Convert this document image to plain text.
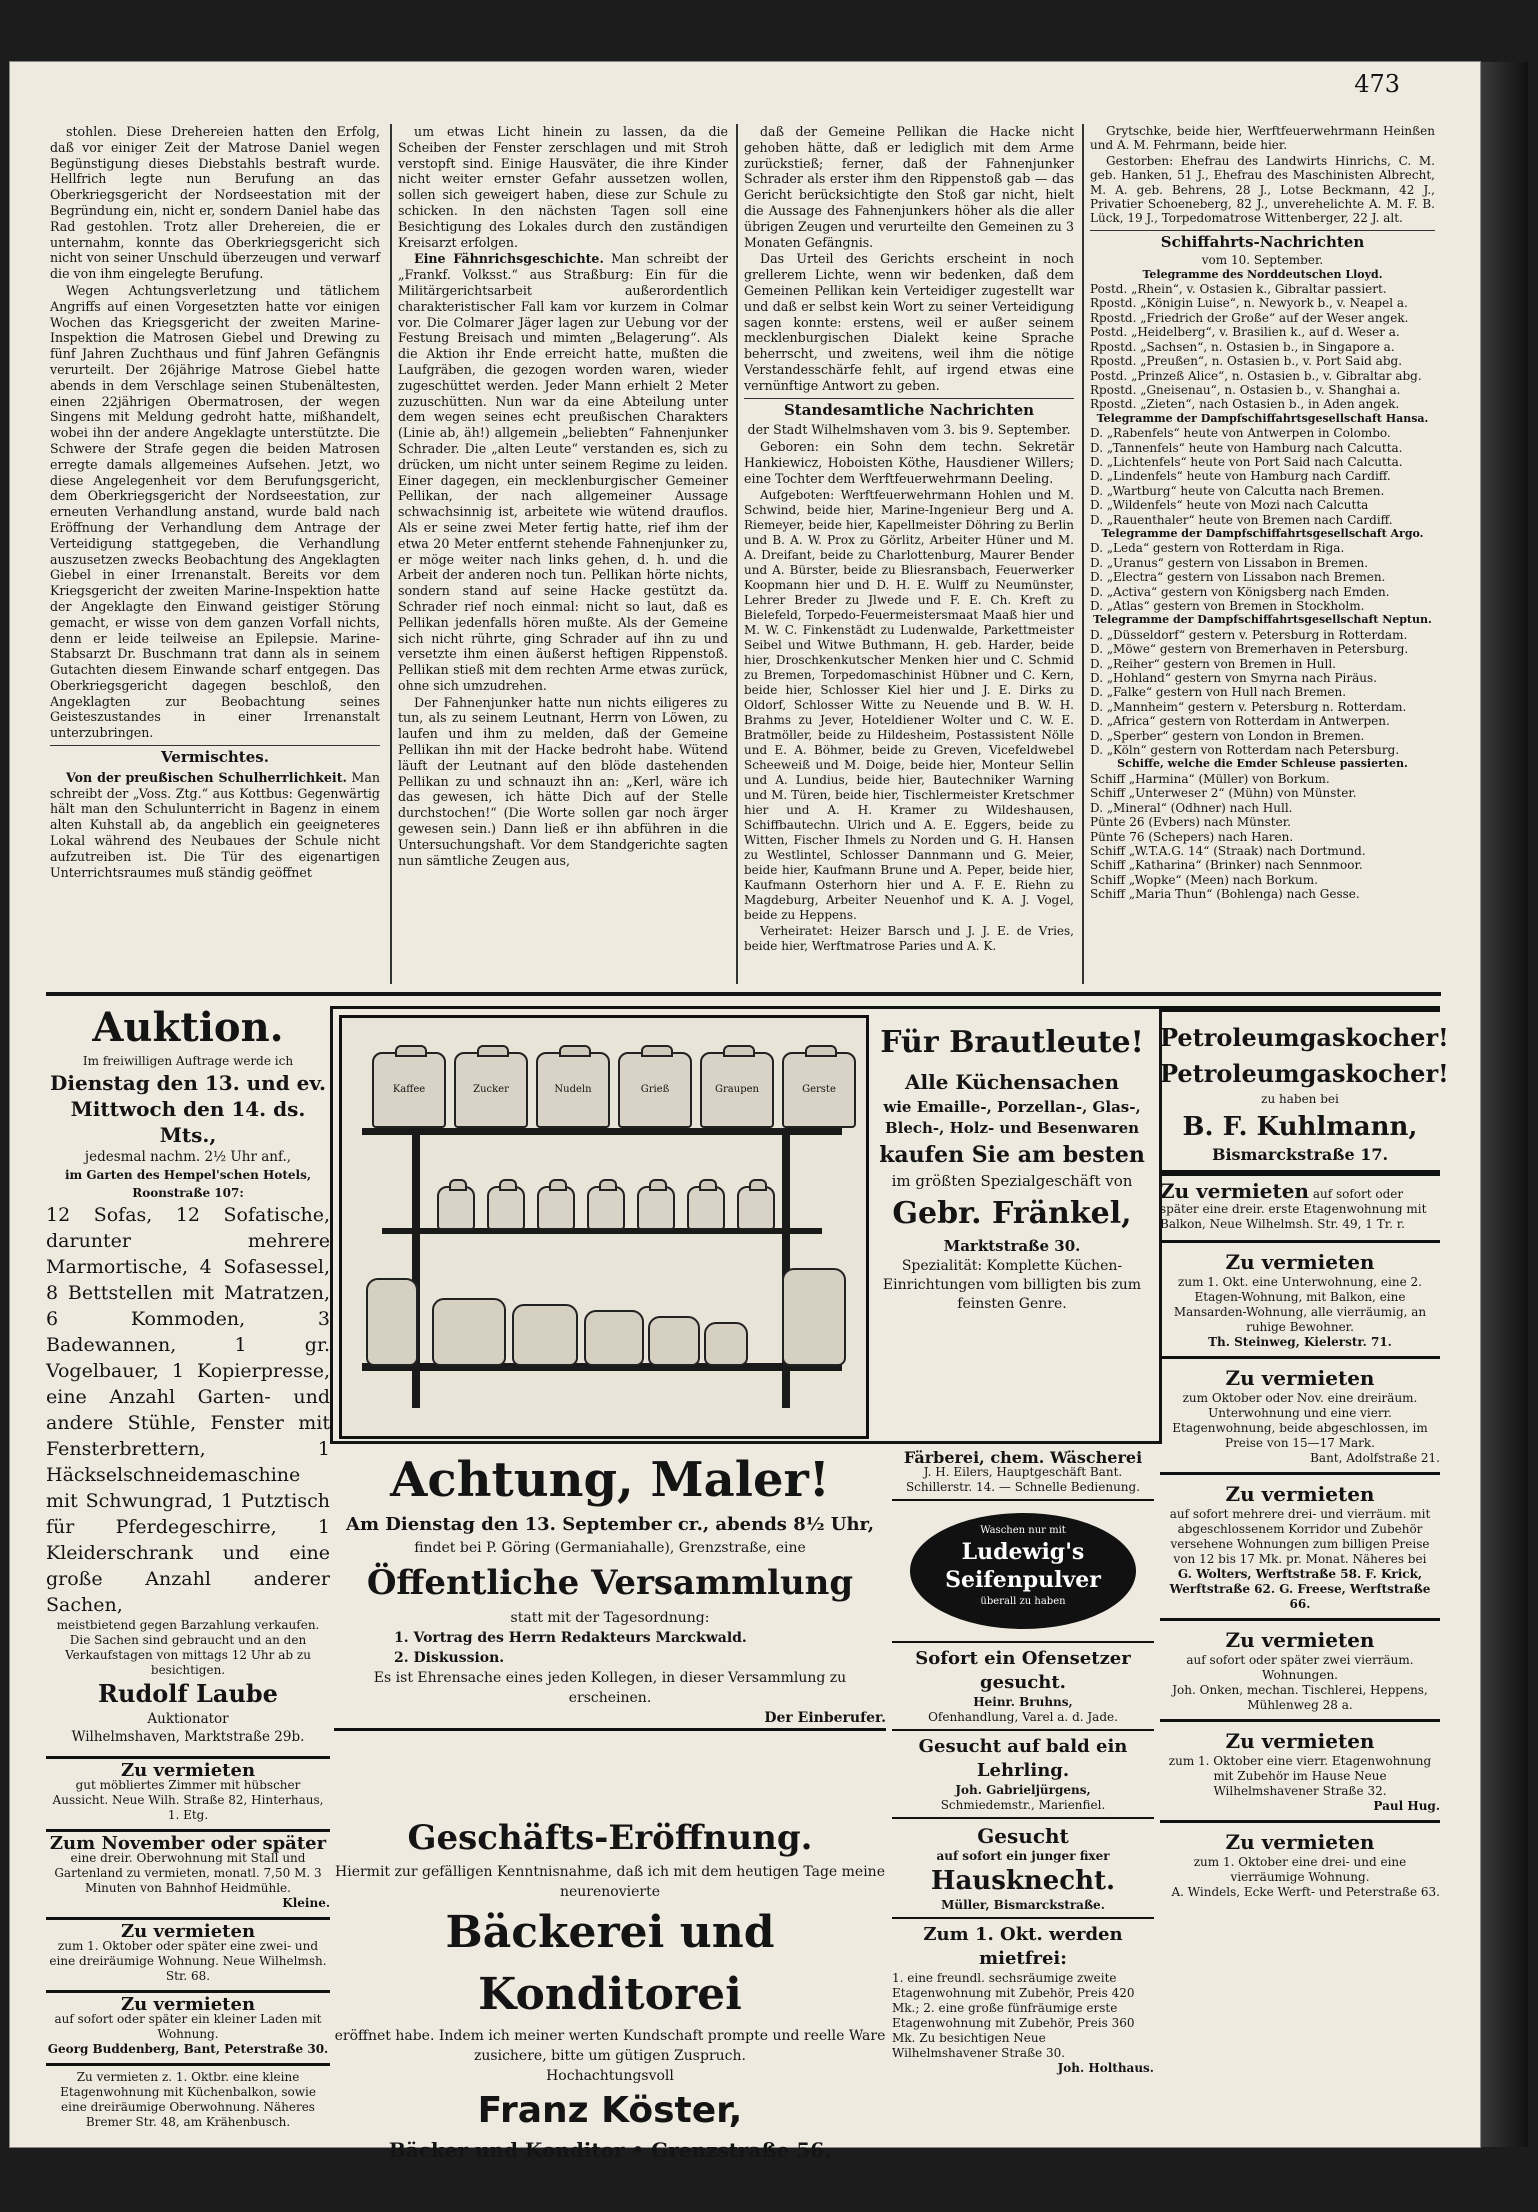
473

stohlen. Diese Drehereien hatten den Erfolg, daß vor einiger Zeit der Matrose Daniel wegen Begünstigung dieses Diebstahls bestraft wurde. Hellfrich legte nun Berufung an das Oberkriegsgericht der Nordseestation mit der Begründung ein, nicht er, sondern Daniel habe das Rad gestohlen. Trotz aller Drehereien, die er unternahm, konnte das Oberkriegsgericht sich nicht von seiner Unschuld überzeugen und verwarf die von ihm eingelegte Berufung.

Wegen Achtungsverletzung und tätlichem Angriffs auf einen Vorgesetzten hatte vor einigen Wochen das Kriegsgericht der zweiten Marine-Inspektion die Matrosen Giebel und Drewing zu fünf Jahren Zuchthaus und fünf Jahren Gefängnis verurteilt. Der 26jährige Matrose Giebel hatte abends in dem Verschlage seinen Stubenältesten, einen 22jährigen Obermatrosen, der wegen Singens mit Meldung gedroht hatte, mißhandelt, wobei ihn der andere Angeklagte unterstützte. Die Schwere der Strafe gegen die beiden Matrosen erregte damals allgemeines Aufsehen. Jetzt, wo diese Angelegenheit vor dem Berufungsgericht, dem Oberkriegsgericht der Nordseestation, zur erneuten Verhandlung anstand, wurde bald nach Eröffnung der Verhandlung dem Antrage der Verteidigung stattgegeben, die Verhandlung auszusetzen zwecks Beobachtung des Angeklagten Giebel in einer Irrenanstalt. Bereits vor dem Kriegsgericht der zweiten Marine-Inspektion hatte der Angeklagte den Einwand geistiger Störung gemacht, er wisse von dem ganzen Vorfall nichts, denn er leide teilweise an Epilepsie. Marine-Stabsarzt Dr. Buschmann trat dann als in seinem Gutachten diesem Einwande scharf entgegen. Das Oberkriegsgericht dagegen beschloß, den Angeklagten zur Beobachtung seines Geisteszustandes in einer Irrenanstalt unterzubringen.

Vermischtes.

Von der preußischen Schulherrlichkeit. Man schreibt der „Voss. Ztg.“ aus Kottbus: Gegenwärtig hält man den Schulunterricht in Bagenz in einem alten Kuhstall ab, da angeblich ein geeigneteres Lokal während des Neubaues der Schule nicht aufzutreiben ist. Die Tür des eigenartigen Unterrichtsraumes muß ständig geöffnet

um etwas Licht hinein zu lassen, da die Scheiben der Fenster zerschlagen und mit Stroh verstopft sind. Einige Hausväter, die ihre Kinder nicht weiter ernster Gefahr aussetzen wollen, sollen sich geweigert haben, diese zur Schule zu schicken. In den nächsten Tagen soll eine Besichtigung des Lokales durch den zuständigen Kreisarzt erfolgen.

Eine Fähnrichsgeschichte. Man schreibt der „Frankf. Volksst.“ aus Straßburg: Ein für die Militärgerichtsarbeit außerordentlich charakteristischer Fall kam vor kurzem in Colmar vor. Die Colmarer Jäger lagen zur Uebung vor der Festung Breisach und mimten „Belagerung“. Als die Aktion ihr Ende erreicht hatte, mußten die Laufgräben, die gezogen worden waren, wieder zugeschüttet werden. Jeder Mann erhielt 2 Meter zuzuschütten. Nun war da eine Abteilung unter dem wegen seines echt preußischen Charakters (Linie ab, äh!) allgemein „beliebten“ Fahnenjunker Schrader. Die „alten Leute“ verstanden es, sich zu drücken, um nicht unter seinem Regime zu leiden. Einer dagegen, ein mecklenburgischer Gemeiner Pellikan, der nach allgemeiner Aussage schwachsinnig ist, arbeitete wie wütend drauflos. Als er seine zwei Meter fertig hatte, rief ihm der etwa 20 Meter entfernt stehende Fahnenjunker zu, er möge weiter nach links gehen, d. h. und die Arbeit der anderen noch tun. Pellikan hörte nichts, sondern stand auf seine Hacke gestützt da. Schrader rief noch einmal: nicht so laut, daß es Pellikan jedenfalls hören mußte. Als der Gemeine sich nicht rührte, ging Schrader auf ihn zu und versetzte ihm einen äußerst heftigen Rippenstoß. Pellikan stieß mit dem rechten Arme etwas zurück, ohne sich umzudrehen.

Der Fahnenjunker hatte nun nichts eiligeres zu tun, als zu seinem Leutnant, Herrn von Löwen, zu laufen und ihm zu melden, daß der Gemeine Pellikan ihn mit der Hacke bedroht habe. Wütend läuft der Leutnant auf den blöde dastehenden Pellikan zu und schnauzt ihn an: „Kerl, wäre ich das gewesen, ich hätte Dich auf der Stelle durchstochen!“ (Die Worte sollen gar noch ärger gewesen sein.) Dann ließ er ihn abführen in die Untersuchungshaft. Vor dem Standgerichte sagten nun sämtliche Zeugen aus,

daß der Gemeine Pellikan die Hacke nicht gehoben hätte, daß er lediglich mit dem Arme zurückstieß; ferner, daß der Fahnenjunker Schrader als erster ihm den Rippenstoß gab — das Gericht berücksichtigte den Stoß gar nicht, hielt die Aussage des Fahnenjunkers höher als die aller übrigen Zeugen und verurteilte den Gemeinen zu 3 Monaten Gefängnis.

Das Urteil des Gerichts erscheint in noch grellerem Lichte, wenn wir bedenken, daß dem Gemeinen Pellikan kein Verteidiger zugestellt war und daß er selbst kein Wort zu seiner Verteidigung sagen konnte: erstens, weil er außer seinem mecklenburgischen Dialekt keine Sprache beherrscht, und zweitens, weil ihm die nötige Verstandesschärfe fehlt, auf irgend etwas eine vernünftige Antwort zu geben.

Standesamtliche Nachrichten

der Stadt Wilhelmshaven vom 3. bis 9. September.

Geboren: ein Sohn dem techn. Sekretär Hankiewicz, Hoboisten Köthe, Hausdiener Willers; eine Tochter dem Werftfeuerwehrmann Deeling.

Aufgeboten: Werftfeuerwehrmann Hohlen und M. Schwind, beide hier, Marine-Ingenieur Berg und A. Riemeyer, beide hier, Kapellmeister Döhring zu Berlin und B. A. W. Prox zu Görlitz, Arbeiter Hüner und M. A. Dreifant, beide zu Charlottenburg, Maurer Bender und A. Bürster, beide zu Bliesransbach, Feuerwerker Koopmann hier und D. H. E. Wulff zu Neumünster, Lehrer Breder zu Jlwede und F. E. Ch. Kreft zu Bielefeld, Torpedo-Feuermeistersmaat Maaß hier und M. W. C. Finkenstädt zu Ludenwalde, Parkettmeister Seibel und Witwe Buthmann, H. geb. Harder, beide hier, Droschkenkutscher Menken hier und C. Schmid zu Bremen, Torpedomaschinist Hübner und C. Kern, beide hier, Schlosser Kiel hier und J. E. Dirks zu Oldorf, Schlosser Witte zu Neuende und B. W. H. Brahms zu Jever, Hoteldiener Wolter und C. W. E. Bratmöller, beide zu Hildesheim, Postassistent Nölle und E. A. Böhmer, beide zu Greven, Vicefeldwebel Scheeweiß und M. Doige, beide hier, Monteur Sellin und A. Lundius, beide hier, Bautechniker Warning und M. Türen, beide hier, Tischlermeister Kretschmer hier und A. H. Kramer zu Wildeshausen, Schiffbautechn. Ulrich und A. E. Eggers, beide zu Witten, Fischer Ihmels zu Norden und G. H. Hansen zu Westlintel, Schlosser Dannmann und G. Meier, beide hier, Kaufmann Brune und A. Peper, beide hier, Kaufmann Osterhorn hier und A. F. E. Riehn zu Magdeburg, Arbeiter Neuenhof und K. A. J. Vogel, beide zu Heppens.

Verheiratet: Heizer Barsch und J. J. E. de Vries, beide hier, Werftmatrose Paries und A. K.

Grytschke, beide hier, Werftfeuerwehrmann Heinßen und A. M. Fehrmann, beide hier.

Gestorben: Ehefrau des Landwirts Hinrichs, C. M. geb. Hanken, 51 J., Ehefrau des Maschinisten Albrecht, M. A. geb. Behrens, 28 J., Lotse Beckmann, 42 J., Privatier Schoeneberg, 82 J., unverehelichte A. M. F. B. Lück, 19 J., Torpedomatrose Wittenberger, 22 J. alt.

Schiffahrts-Nachrichten
vom 10. September.
Telegramme des Norddeutschen Lloyd.
Postd. „Rhein“, v. Ostasien k., Gibraltar passiert.
Rpostd. „Königin Luise“, n. Newyork b., v. Neapel a.
Rpostd. „Friedrich der Große“ auf der Weser angek.
Postd. „Heidelberg“, v. Brasilien k., auf d. Weser a.
Rpostd. „Sachsen“, n. Ostasien b., in Singapore a.
Rpostd. „Preußen“, n. Ostasien b., v. Port Said abg.
Postd. „Prinzeß Alice“, n. Ostasien b., v. Gibraltar abg.
Rpostd. „Gneisenau“, n. Ostasien b., v. Shanghai a.
Rpostd. „Zieten“, nach Ostasien b., in Aden angek.
Telegramme der Dampfschiffahrtsgesellschaft Hansa.
D. „Rabenfels“ heute von Antwerpen in Colombo.
D. „Tannenfels“ heute von Hamburg nach Calcutta.
D. „Lichtenfels“ heute von Port Said nach Calcutta.
D. „Lindenfels“ heute von Hamburg nach Cardiff.
D. „Wartburg“ heute von Calcutta nach Bremen.
D. „Wildenfels“ heute von Mozi nach Calcutta
D. „Rauenthaler“ heute von Bremen nach Cardiff.
Telegramme der Dampfschiffahrtsgesellschaft Argo.
D. „Leda“ gestern von Rotterdam in Riga.
D. „Uranus“ gestern von Lissabon in Bremen.
D. „Electra“ gestern von Lissabon nach Bremen.
D. „Activa“ gestern von Königsberg nach Emden.
D. „Atlas“ gestern von Bremen in Stockholm.
Telegramme der Dampfschiffahrtsgesellschaft Neptun.
D. „Düsseldorf“ gestern v. Petersburg in Rotterdam.
D. „Möwe“ gestern von Bremerhaven in Petersburg.
D. „Reiher“ gestern von Bremen in Hull.
D. „Hohland“ gestern von Smyrna nach Piräus.
D. „Falke“ gestern von Hull nach Bremen.
D. „Mannheim“ gestern v. Petersburg n. Rotterdam.
D. „Africa“ gestern von Rotterdam in Antwerpen.
D. „Sperber“ gestern von London in Bremen.
D. „Köln“ gestern von Rotterdam nach Petersburg.
Schiffe, welche die Emder Schleuse passierten.
Schiff „Harmina“ (Müller) von Borkum.
Schiff „Unterweser 2“ (Mühn) von Münster.
D. „Mineral“ (Odhner) nach Hull.
Pünte 26 (Evbers) nach Münster.
Pünte 76 (Schepers) nach Haren.
Schiff „W.T.A.G. 14“ (Straak) nach Dortmund.
Schiff „Katharina“ (Brinker) nach Sennmoor.
Schiff „Wopke“ (Meen) nach Borkum.
Schiff „Maria Thun“ (Bohlenga) nach Gesse.
Auktion.

Im freiwilligen Auftrage werde ich

Dienstag den 13. und ev. Mittwoch den 14. ds. Mts.,

jedesmal nachm. 2½ Uhr anf.,

im Garten des Hempel'schen Hotels, Roonstraße 107:

12 Sofas, 12 Sofatische, darunter mehrere Marmortische, 4 Sofasessel, 8 Bettstellen mit Matratzen, 6 Kommoden, 3 Badewannen, 1 gr. Vogelbauer, 1 Kopierpresse, eine Anzahl Garten- und andere Stühle, Fenster mit Fensterbrettern, 1 Häckselschneidemaschine mit Schwungrad, 1 Putztisch für Pferdegeschirre, 1 Kleiderschrank und eine große Anzahl anderer Sachen,

meistbietend gegen Barzahlung verkaufen. Die Sachen sind gebraucht und an den Verkaufstagen von mittags 12 Uhr ab zu besichtigen.

Rudolf Laube

Auktionator

Wilhelmshaven, Marktstraße 29b.

Zu vermieten
gut möbliertes Zimmer mit hübscher Aussicht. Neue Wilh. Straße 82, Hinterhaus, 1. Etg.
Zum November oder später
eine dreir. Oberwohnung mit Stall und Gartenland zu vermieten, monatl. 7,50 M. 3 Minuten von Bahnhof Heidmühle.
Kleine.
Zu vermieten
zum 1. Oktober oder später eine zwei- und eine dreiräumige Wohnung. Neue Wilhelmsh. Str. 68.
Zu vermieten
auf sofort oder später ein kleiner Laden mit Wohnung.
Georg Buddenberg, Bant, Peterstraße 30.
Zu vermieten z. 1. Oktbr. eine kleine Etagenwohnung mit Küchenbalkon, sowie eine dreiräumige Oberwohnung. Näheres Bremer Str. 48, am Krähenbusch.
Kaffee	Zucker	Nudeln	Grieß	Graupen	Gerste
Für Brautleute!
Alle Küchensachen
wie Emaille-, Porzellan-, Glas-, Blech-, Holz- und Besenwaren
kaufen Sie am besten
im größten Spezialgeschäft von
Gebr. Fränkel,
Marktstraße 30.
Spezialität: Komplette Küchen-Einrichtungen vom billigten bis zum feinsten Genre.
Petroleumgaskocher!
Petroleumgaskocher!
zu haben bei
B. F. Kuhlmann,
Bismarckstraße 17.
Zu vermieten auf sofort oder später eine dreir. erste Etagenwohnung mit Balkon, Neue Wilhelmsh. Str. 49, 1 Tr. r.
Zu vermieten
zum 1. Okt. eine Unterwohnung, eine 2. Etagen-Wohnung, mit Balkon, eine Mansarden-Wohnung, alle vierräumig, an ruhige Bewohner.
Th. Steinweg, Kielerstr. 71.
Zu vermieten
zum Oktober oder Nov. eine dreiräum. Unterwohnung und eine vierr. Etagenwohnung, beide abgeschlossen, im Preise von 15—17 Mark.
Bant, Adolfstraße 21.
Zu vermieten
auf sofort mehrere drei- und vierräum. mit abgeschlossenem Korridor und Zubehör versehene Wohnungen zum billigen Preise von 12 bis 17 Mk. pr. Monat. Näheres bei
G. Wolters, Werftstraße 58. F. Krick, Werftstraße 62. G. Freese, Werftstraße 66.
Zu vermieten
auf sofort oder später zwei vierräum. Wohnungen.
Joh. Onken, mechan. Tischlerei, Heppens, Mühlenweg 28 a.
Zu vermieten
zum 1. Oktober eine vierr. Etagenwohnung mit Zubehör im Hause Neue Wilhelmshavener Straße 32.
Paul Hug.
Zu vermieten
zum 1. Oktober eine drei- und eine vierräumige Wohnung.
A. Windels, Ecke Werft- und Peterstraße 63.
Achtung, Maler!
Am Dienstag den 13. September cr., abends 8½ Uhr,
findet bei P. Göring (Germaniahalle), Grenzstraße, eine
Öffentliche Versammlung
statt mit der Tagesordnung:
1. Vortrag des Herrn Redakteurs Marckwald.
2. Diskussion.
Es ist Ehrensache eines jeden Kollegen, in dieser Versammlung zu erscheinen.
Der Einberufer.
Geschäfts-Eröffnung.
Hiermit zur gefälligen Kenntnisnahme, daß ich mit dem heutigen Tage meine neurenovierte
Bäckerei und Konditorei
eröffnet habe. Indem ich meiner werten Kundschaft prompte und reelle Ware zusichere, bitte um gütigen Zuspruch.
Hochachtungsvoll
Franz Köster,
Bäcker und Konditor • Grenzstraße 56.
Färberei, chem. Wäscherei
J. H. Eilers, Hauptgeschäft Bant. Schillerstr. 14. — Schnelle Bedienung.
Waschen nur mit
Ludewig's Seifenpulver
überall zu haben
Sofort ein Ofensetzer gesucht.
Heinr. Bruhns,
Ofenhandlung, Varel a. d. Jade.
Gesucht auf bald ein Lehrling.
Joh. Gabrieljürgens,
Schmiedemstr., Marienfiel.
Gesucht
auf sofort ein junger fixer
Hausknecht.
Müller, Bismarckstraße.
Zum 1. Okt. werden mietfrei:
1. eine freundl. sechsräumige zweite Etagenwohnung mit Zubehör, Preis 420 Mk.; 2. eine große fünfräumige erste Etagenwohnung mit Zubehör, Preis 360 Mk. Zu besichtigen Neue Wilhelmshavener Straße 30.
Joh. Holthaus.
